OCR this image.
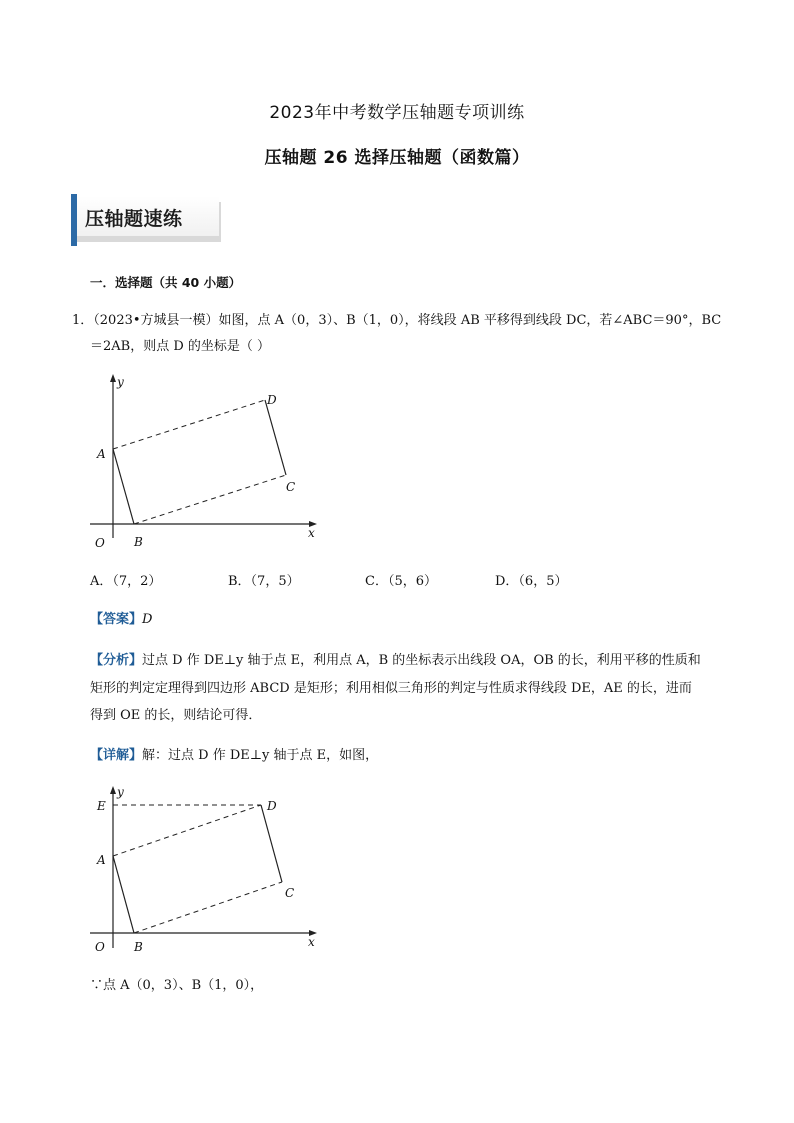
2023年中考数学压轴题专项训练
压轴题 26 选择压轴题（函数篇）
压轴题速练
一．选择题（共 40 小题）
1．（2023•方城县一模）如图，点 A（0，3）、B（1，0），将线段 AB 平移得到线段 DC，若∠ABC＝90°，BC
＝2AB，则点 D 的坐标是（ ）
y
x
O
A
B
C
D
A．（7，2）	B．（7，5）	C．（5，6）	D．（6，5）
【答案】D
【分析】过点 D 作 DE⊥y 轴于点 E，利用点 A，B 的坐标表示出线段 OA，OB 的长，利用平移的性质和
矩形的判定定理得到四边形 ABCD 是矩形；利用相似三角形的判定与性质求得线段 DE，AE 的长，进而
得到 OE 的长，则结论可得．
【详解】解：过点 D 作 DE⊥y 轴于点 E，如图，
y
x
O
A
B
C
D
E
∵点 A（0，3）、B（1，0），
